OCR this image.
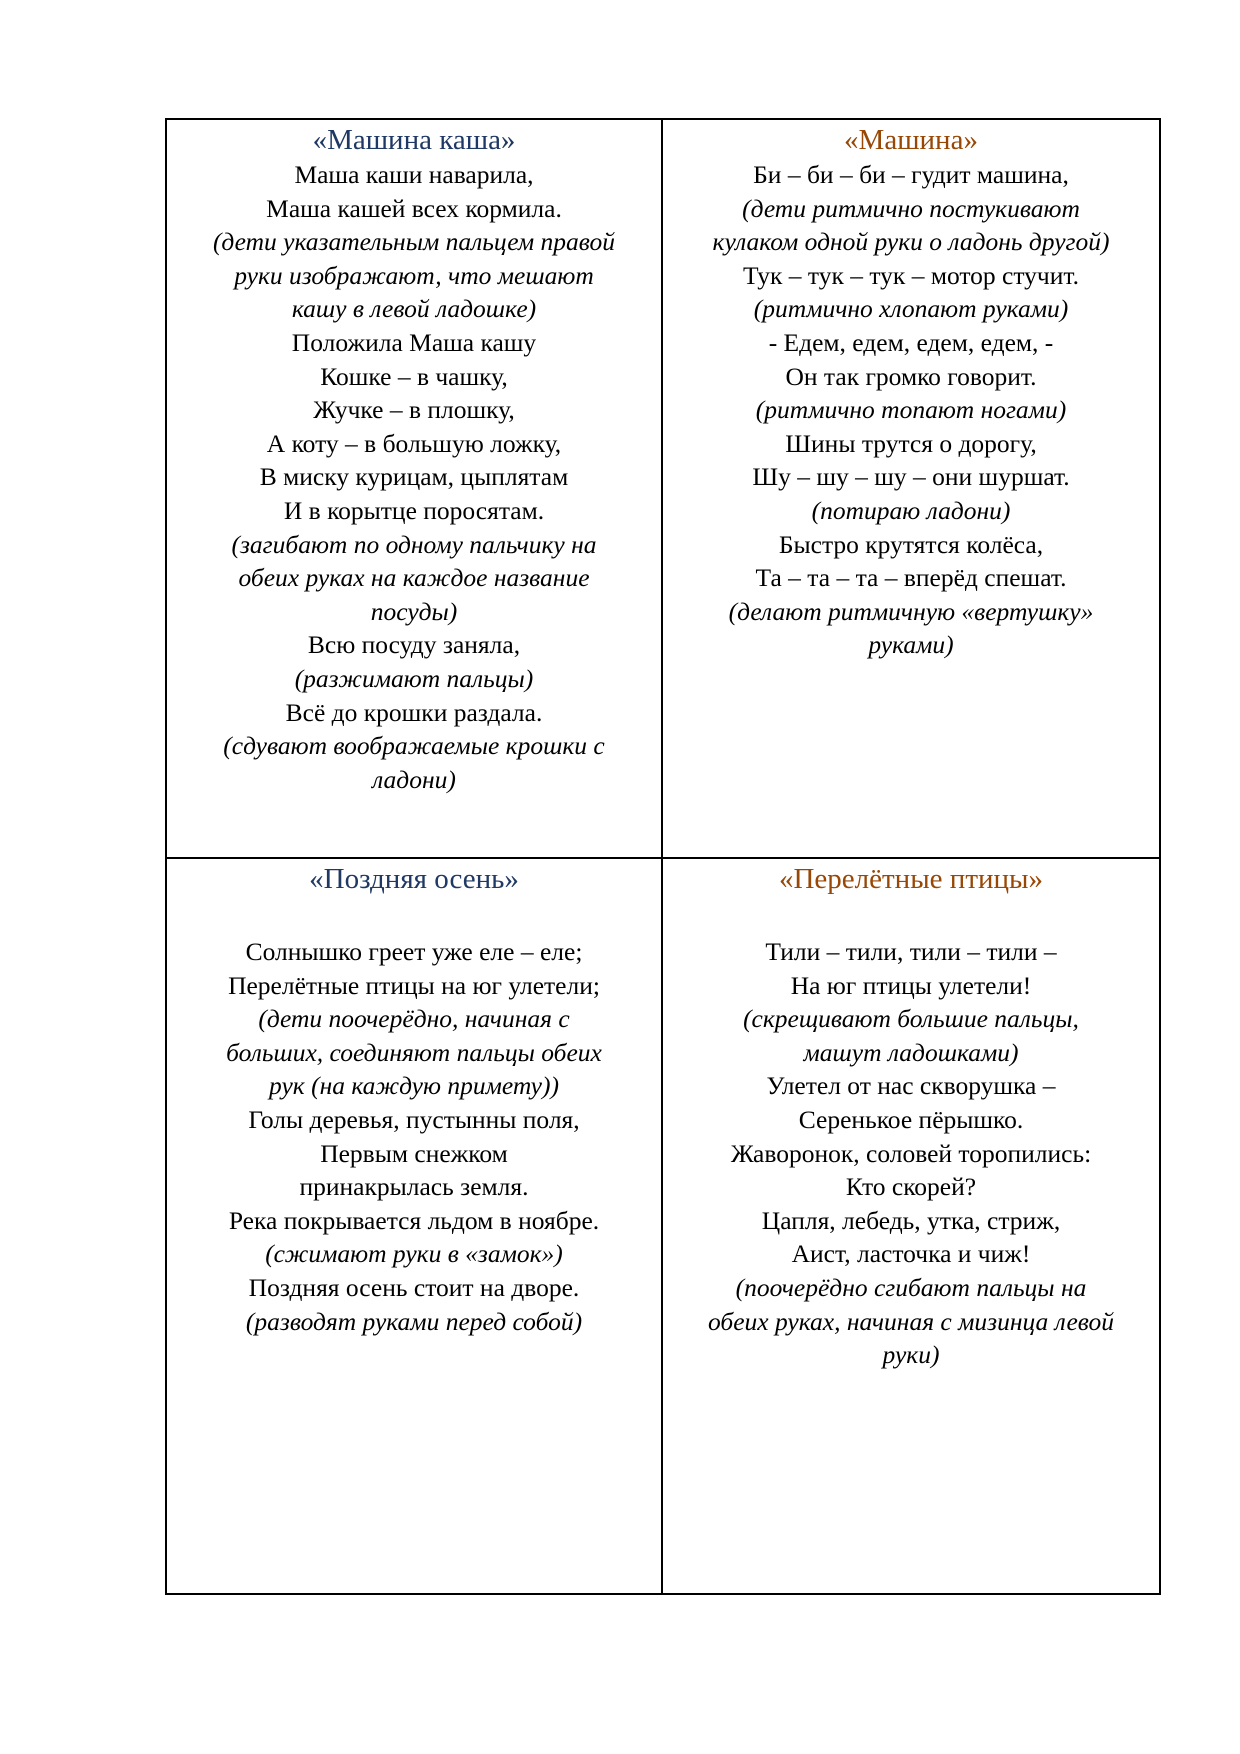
«Машина каша»
Маша каши наварила,
Маша кашей всех кормила.
(дети указательным пальцем правой
руки изображают, что мешают
кашу в левой ладошке)
Положила Маша кашу
Кошке – в чашку,
Жучке – в плошку,
А коту – в большую ложку,
В миску курицам, цыплятам
И в корытце поросятам.
(загибают по одному пальчику на
обеих руках на каждое название
посуды)
Всю посуду заняла,
(разжимают пальцы)
Всё до крошки раздала.
(сдувают воображаемые крошки с
ладони)
«Машина»
Би – би – би – гудит машина,
(дети ритмично постукивают
кулаком одной руки о ладонь другой)
Тук – тук – тук – мотор стучит.
(ритмично хлопают руками)
- Едем, едем, едем, едем, -
Он так громко говорит.
(ритмично топают ногами)
Шины трутся о дорогу,
Шу – шу – шу – они шуршат.
(потираю ладони)
Быстро крутятся колёса,
Та – та – та – вперёд спешат.
(делают ритмичную «вертушку»
руками)
«Поздняя осень»
Солнышко греет уже еле – еле;
Перелётные птицы на юг улетели;
(дети поочерёдно, начиная с
больших, соединяют пальцы обеих
рук (на каждую примету))
Голы деревья, пустынны поля,
Первым снежком
принакрылась земля.
Река покрывается льдом в ноябре.
(сжимают руки в «замок»)
Поздняя осень стоит на дворе.
(разводят руками перед собой)
«Перелётные птицы»
Тили – тили, тили – тили –
На юг птицы улетели!
(скрещивают большие пальцы,
машут ладошками)
Улетел от нас скворушка –
Серенькое пёрышко.
Жаворонок, соловей торопились:
Кто скорей?
Цапля, лебедь, утка, стриж,
Аист, ласточка и чиж!
(поочерёдно сгибают пальцы на
обеих руках, начиная с мизинца левой
руки)
